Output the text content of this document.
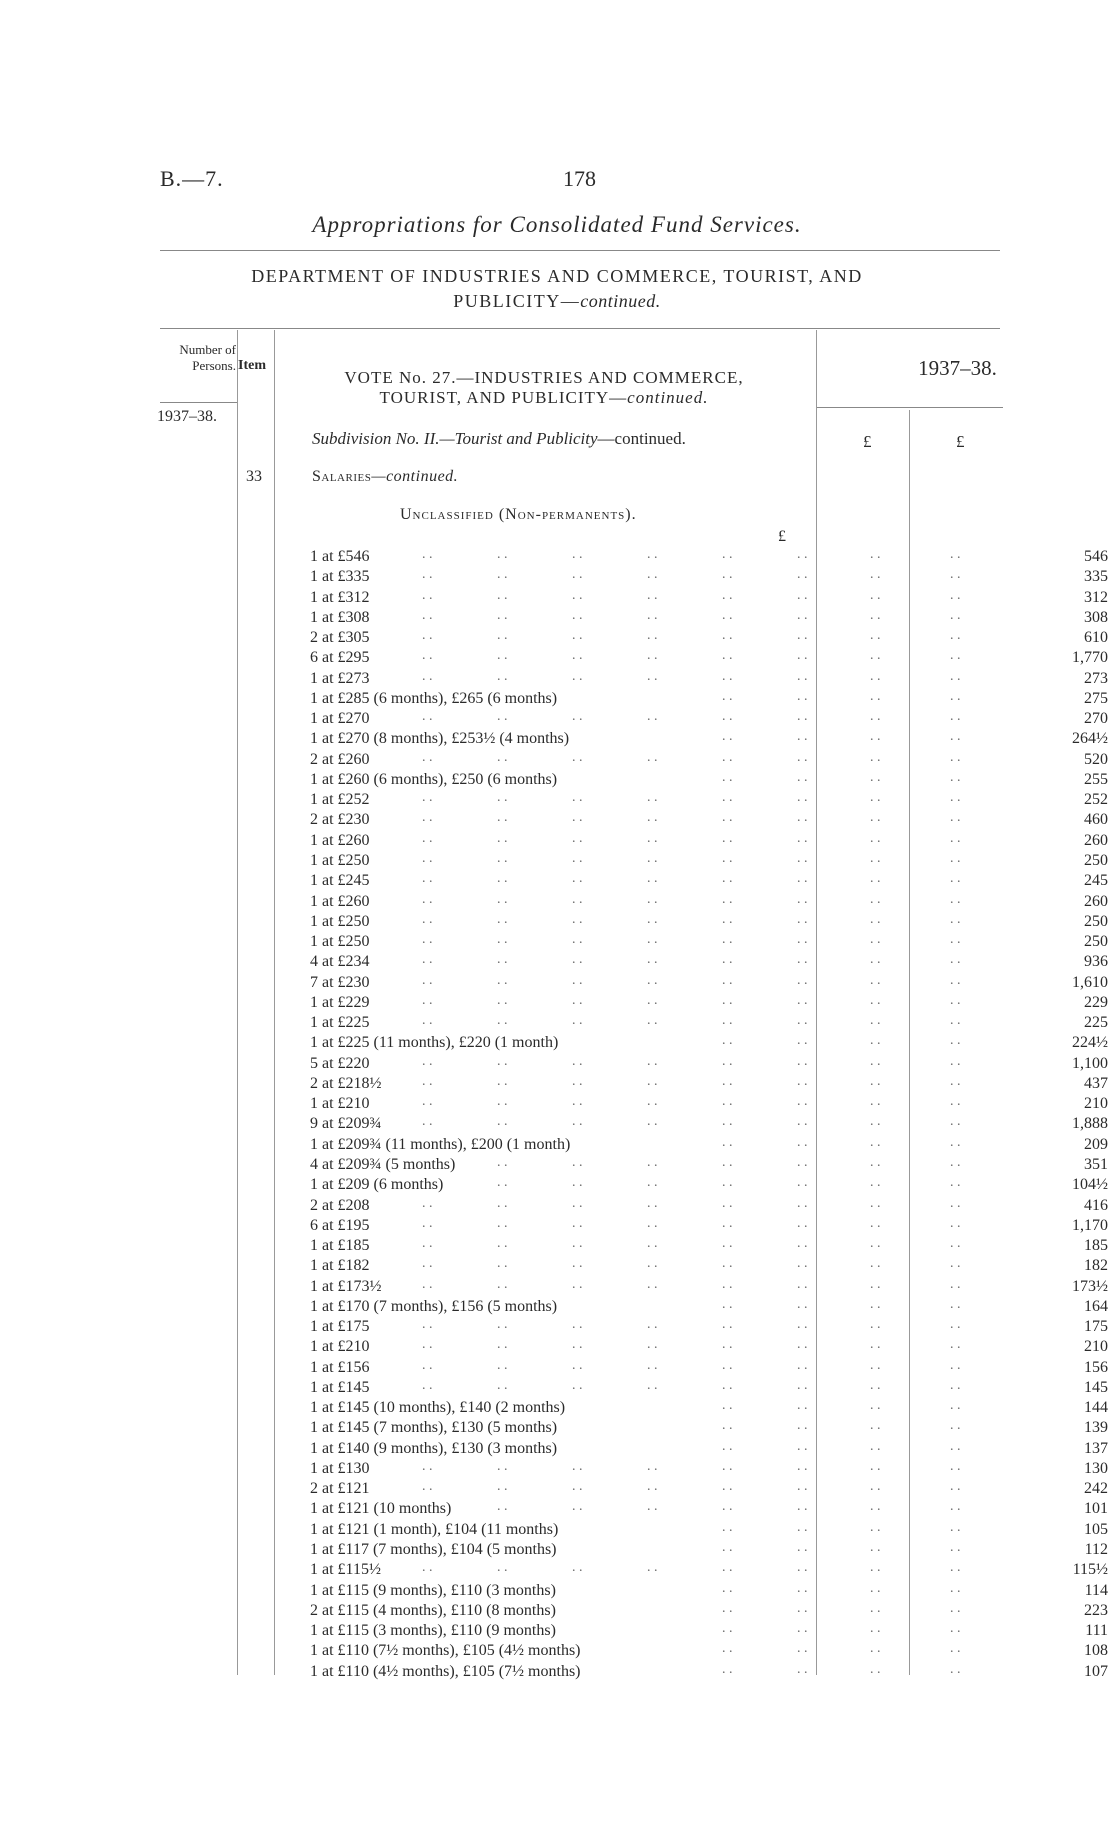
B.—7.	178
Appropriations for Consolidated Fund Services.
DEPARTMENT OF INDUSTRIES AND COMMERCE, TOURIST, AND
PUBLICITY—continued.
Number of Persons. Item
1937–38.
VOTE No. 27.—INDUSTRIES AND COMMERCE,
TOURIST, AND PUBLICITY—continued.
1937–38.
£	£
Subdivision No. II.—Tourist and Publicity—continued.
33	Salaries—continued.
Unclassified (Non-permanents).
£
1 at £546	. .	. .	. .	. .	. .	. .	. .	. .	546
1 at £335	. .	. .	. .	. .	. .	. .	. .	. .	335
1 at £312	. .	. .	. .	. .	. .	. .	. .	. .	312
1 at £308	. .	. .	. .	. .	. .	. .	. .	. .	308
2 at £305	. .	. .	. .	. .	. .	. .	. .	. .	610
6 at £295	. .	. .	. .	. .	. .	. .	. .	. .	1,770
1 at £273	. .	. .	. .	. .	. .	. .	. .	. .	273
1 at £285 (6 months), £265 (6 months)	. .	. .	. .	. .	275
1 at £270	. .	. .	. .	. .	. .	. .	. .	. .	270
1 at £270 (8 months), £253½ (4 months)	. .	. .	. .	. .	264½
2 at £260	. .	. .	. .	. .	. .	. .	. .	. .	520
1 at £260 (6 months), £250 (6 months)	. .	. .	. .	. .	255
1 at £252	. .	. .	. .	. .	. .	. .	. .	. .	252
2 at £230	. .	. .	. .	. .	. .	. .	. .	. .	460
1 at £260	. .	. .	. .	. .	. .	. .	. .	. .	260
1 at £250	. .	. .	. .	. .	. .	. .	. .	. .	250
1 at £245	. .	. .	. .	. .	. .	. .	. .	. .	245
1 at £260	. .	. .	. .	. .	. .	. .	. .	. .	260
1 at £250	. .	. .	. .	. .	. .	. .	. .	. .	250
1 at £250	. .	. .	. .	. .	. .	. .	. .	. .	250
4 at £234	. .	. .	. .	. .	. .	. .	. .	. .	936
7 at £230	. .	. .	. .	. .	. .	. .	. .	. .	1,610
1 at £229	. .	. .	. .	. .	. .	. .	. .	. .	229
1 at £225	. .	. .	. .	. .	. .	. .	. .	. .	225
1 at £225 (11 months), £220 (1 month)	. .	. .	. .	. .	224½
5 at £220	. .	. .	. .	. .	. .	. .	. .	. .	1,100
2 at £218½	. .	. .	. .	. .	. .	. .	. .	. .	437
1 at £210	. .	. .	. .	. .	. .	. .	. .	. .	210
9 at £209¾	. .	. .	. .	. .	. .	. .	. .	. .	1,888
1 at £209¾ (11 months), £200 (1 month)	. .	. .	. .	. .	209
4 at £209¾ (5 months)	. .	. .	. .	. .	. .	. .	. .	351
1 at £209 (6 months)	. .	. .	. .	. .	. .	. .	. .	104½
2 at £208	. .	. .	. .	. .	. .	. .	. .	. .	416
6 at £195	. .	. .	. .	. .	. .	. .	. .	. .	1,170
1 at £185	. .	. .	. .	. .	. .	. .	. .	. .	185
1 at £182	. .	. .	. .	. .	. .	. .	. .	. .	182
1 at £173½	. .	. .	. .	. .	. .	. .	. .	. .	173½
1 at £170 (7 months), £156 (5 months)	. .	. .	. .	. .	164
1 at £175	. .	. .	. .	. .	. .	. .	. .	. .	175
1 at £210	. .	. .	. .	. .	. .	. .	. .	. .	210
1 at £156	. .	. .	. .	. .	. .	. .	. .	. .	156
1 at £145	. .	. .	. .	. .	. .	. .	. .	. .	145
1 at £145 (10 months), £140 (2 months)	. .	. .	. .	. .	144
1 at £145 (7 months), £130 (5 months)	. .	. .	. .	. .	139
1 at £140 (9 months), £130 (3 months)	. .	. .	. .	. .	137
1 at £130	. .	. .	. .	. .	. .	. .	. .	. .	130
2 at £121	. .	. .	. .	. .	. .	. .	. .	. .	242
1 at £121 (10 months)	. .	. .	. .	. .	. .	. .	. .	101
1 at £121 (1 month), £104 (11 months)	. .	. .	. .	. .	105
1 at £117 (7 months), £104 (5 months)	. .	. .	. .	. .	112
1 at £115½	. .	. .	. .	. .	. .	. .	. .	. .	115½
1 at £115 (9 months), £110 (3 months)	. .	. .	. .	. .	114
2 at £115 (4 months), £110 (8 months)	. .	. .	. .	. .	223
1 at £115 (3 months), £110 (9 months)	. .	. .	. .	. .	111
1 at £110 (7½ months), £105 (4½ months)	. .	. .	. .	. .	108
1 at £110 (4½ months), £105 (7½ months)	. .	. .	. .	. .	107
